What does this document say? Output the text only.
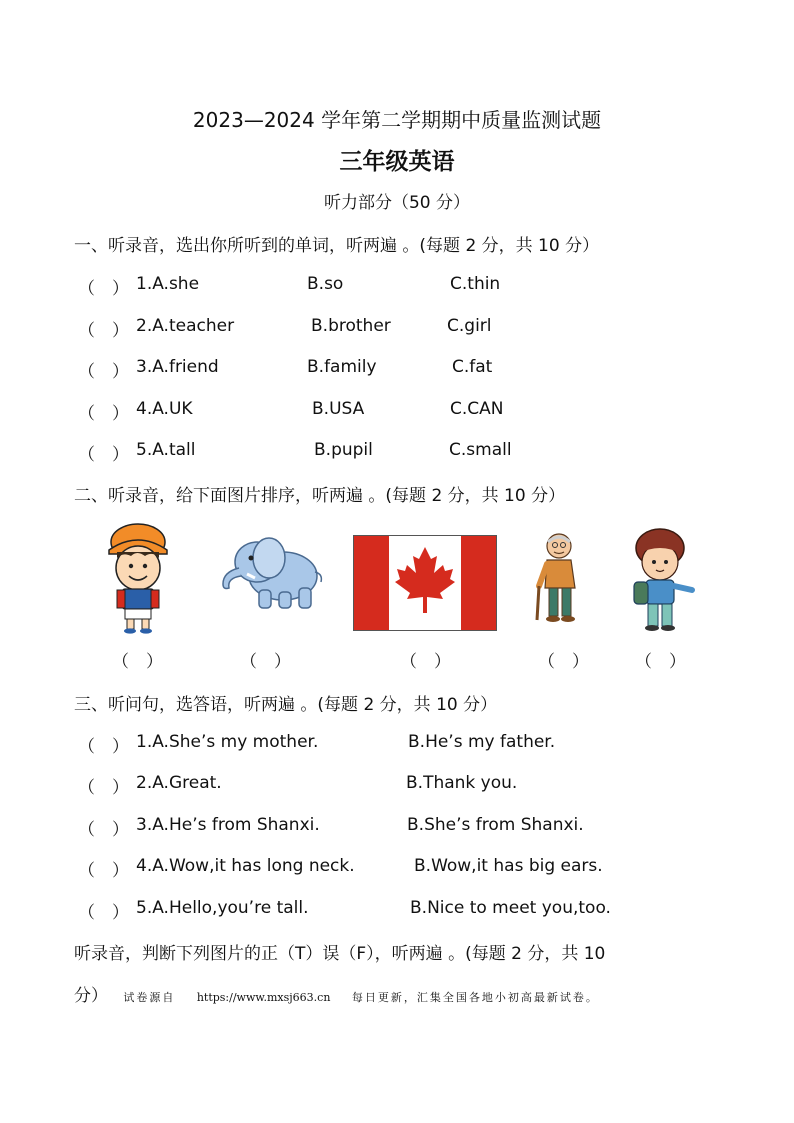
2023—2024 学年第二学期期中质量监测试题
三年级英语
听力部分（50 分）
一、听录音，选出你所听到的单词，听两遍 。(每题 2 分，共 10 分）
（　） 1.A.she	B.so	C.thin
（　） 2.A.teacher	B.brother	C.girl
（　） 3.A.friend	B.family	C.fat
（　） 4.A.UK	B.USA	C.CAN
（　） 5.A.tall	B.pupil	C.small
二、听录音，给下面图片排序，听两遍 。(每题 2 分，共 10 分）
（　）	（　）	（　）	（　）	（　）
三、听问句，选答语，听两遍 。(每题 2 分，共 10 分）
（　） 1.A.She’s my mother.	B.He’s my father.
（　） 2.A.Great.	B.Thank you.
（　） 3.A.He’s from Shanxi.	B.She’s from Shanxi.
（　） 4.A.Wow,it has long neck.	B.Wow,it has big ears.
（　） 5.A.Hello,you’re tall.	B.Nice to meet you,too.
听录音，判断下列图片的正（T）误（F），听两遍 。(每题 2 分，共 10
分） 试卷源自 https://www.mxsj663.cn 每日更新，汇集全国各地小初高最新试卷。
